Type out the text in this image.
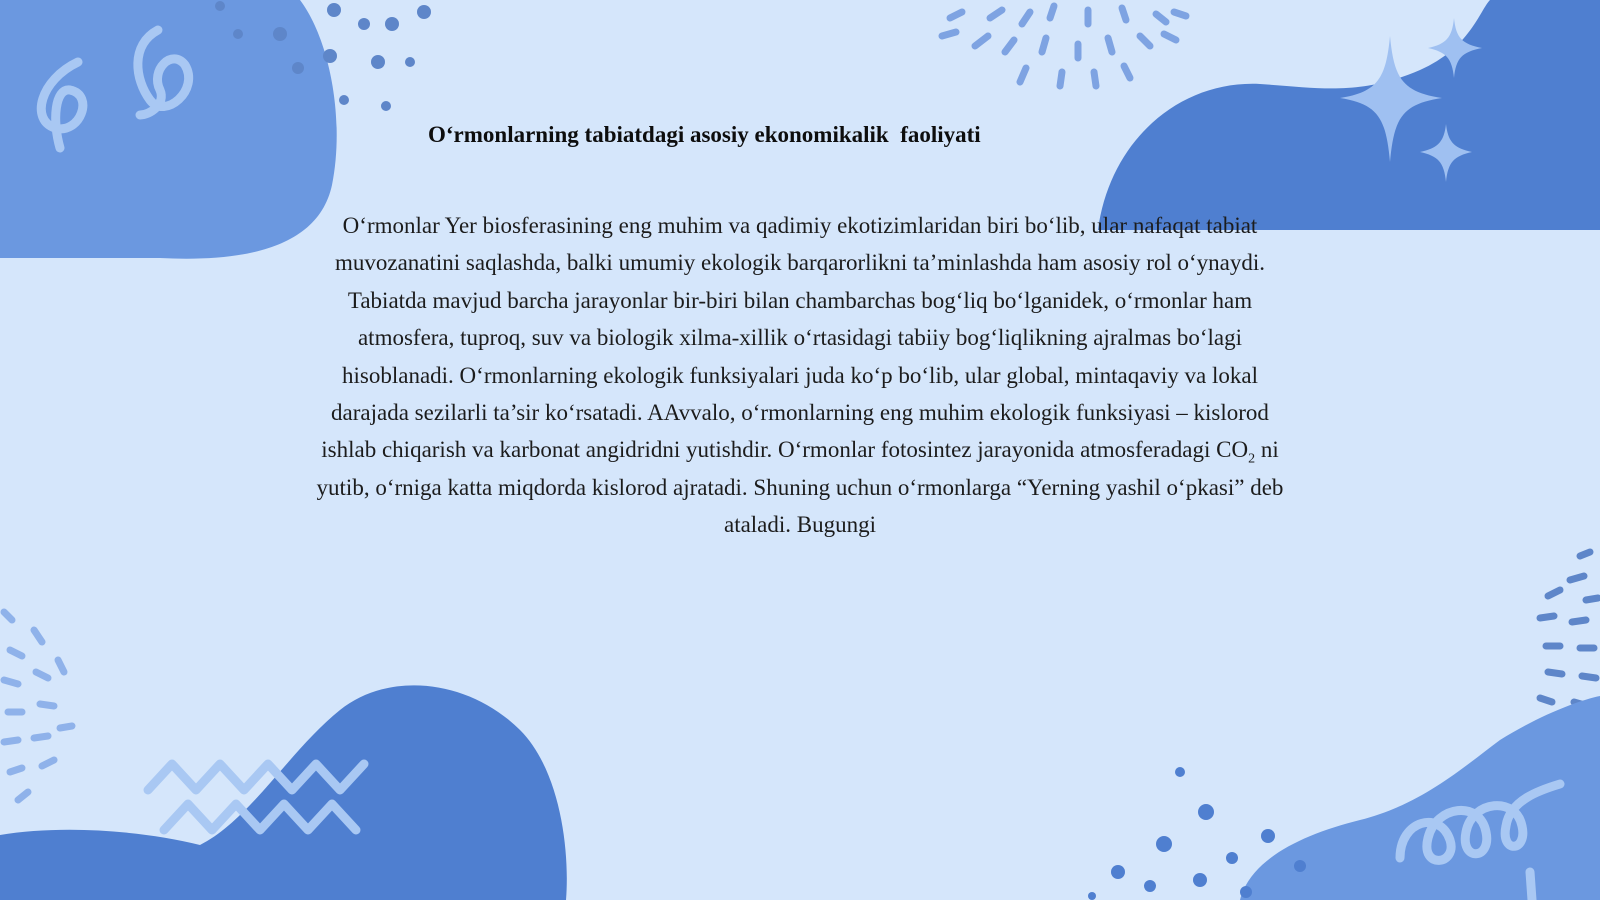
O‘rmonlarning tabiatdagi asosiy ekonomikalik  faoliyati

O‘rmonlar Yer biosferasining eng muhim va qadimiy ekotizimlaridan biri bo‘lib, ular nafaqat tabiat muvozanatini saqlashda, balki umumiy ekologik barqarorlikni ta’minlashda ham asosiy rol o‘ynaydi. Tabiatda mavjud barcha jarayonlar bir-biri bilan chambarchas bog‘liq bo‘lganidek, o‘rmonlar ham atmosfera, tuproq, suv va biologik xilma-xillik o‘rtasidagi tabiiy bog‘liqlikning ajralmas bo‘lagi hisoblanadi. O‘rmonlarning ekologik funksiyalari juda ko‘p bo‘lib, ular global, mintaqaviy va lokal darajada sezilarli ta’sir ko‘rsatadi. AAvvalo, o‘rmonlarning eng muhim ekologik funksiyasi – kislorod ishlab chiqarish va karbonat angidridni yutishdir. O‘rmonlar fotosintez jarayonida atmosferadagi $CO_2$ ni yutib, o‘rniga katta miqdorda kislorod ajratadi. Shuning uchun o‘rmonlarga “Yerning yashil o‘pkasi” deb ataladi. Bugungi
